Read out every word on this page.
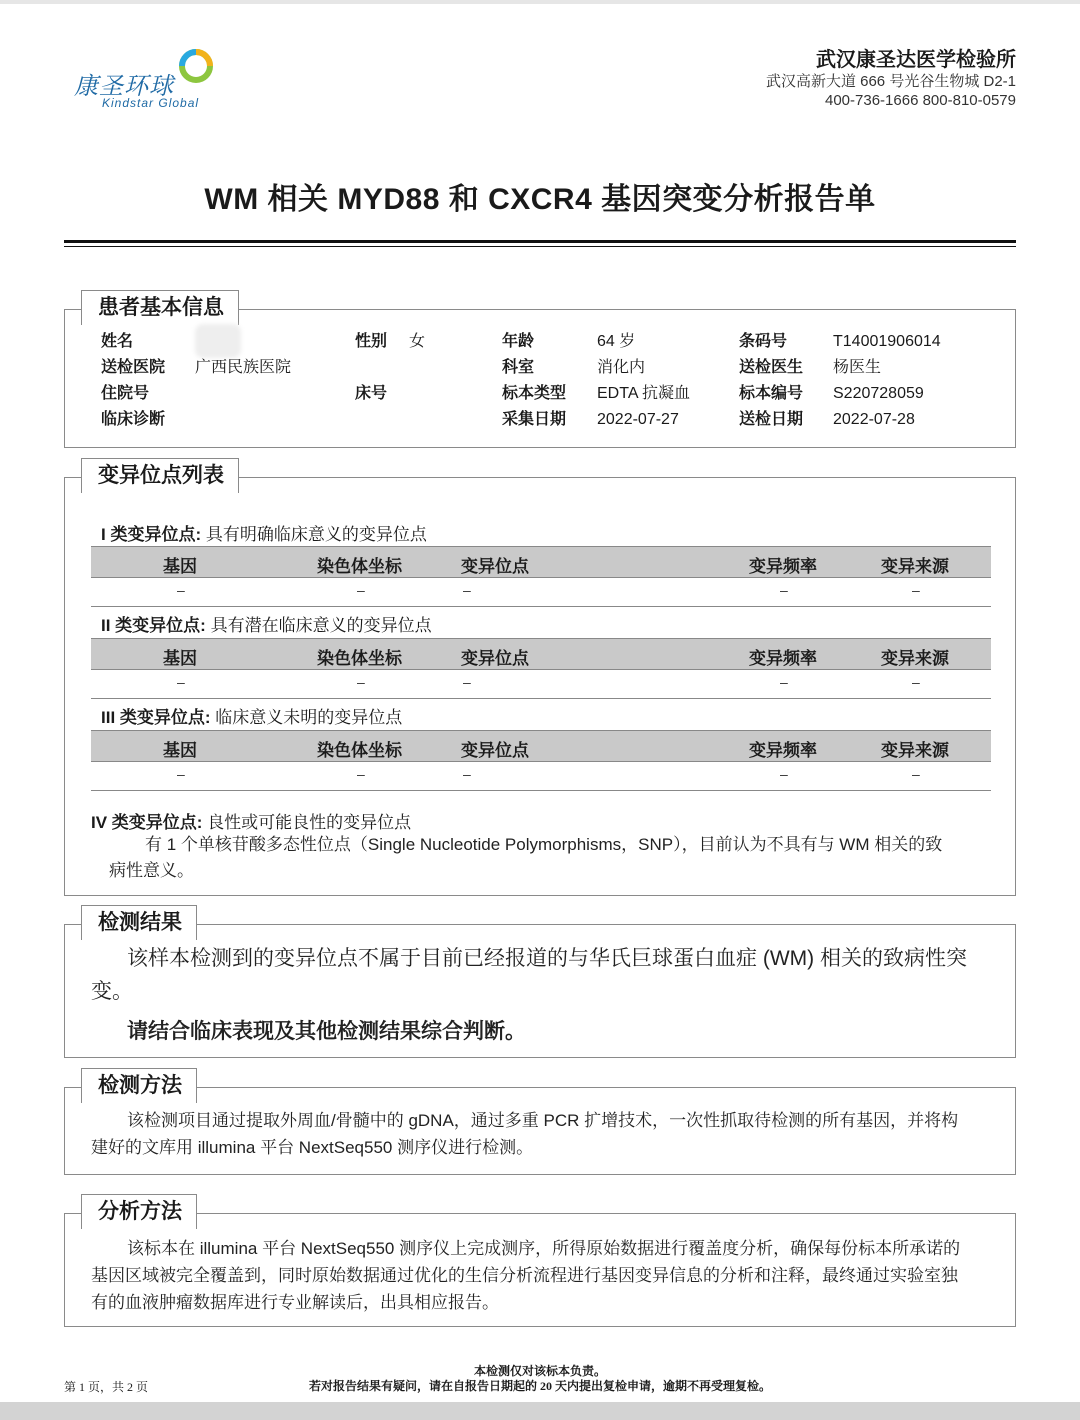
康圣环球
Kindstar Global
武汉康圣达医学检验所
武汉高新大道 666 号光谷生物城 D2-1
400-736-1666 800-810-0579
WM 相关 MYD88 和 CXCR4 基因突变分析报告单
患者基本信息
姓名	性别 女	年龄	64 岁	条码号	T14001906014
送检医院 广西民族医院	科室	消化内	送检医生 杨医生
住院号	床号	标本类型 EDTA 抗凝血	标本编号 S220728059
临床诊断	采集日期 2022-07-27	送检日期 2022-07-28
变异位点列表
I 类变异位点: 具有明确临床意义的变异位点
基因	染色体坐标	变异位点	变异频率	变异来源
–	–	–	–	–
II 类变异位点: 具有潜在临床意义的变异位点
基因	染色体坐标	变异位点	变异频率	变异来源
–	–	–	–	–
III 类变异位点: 临床意义未明的变异位点
基因	染色体坐标	变异位点	变异频率	变异来源
–	–	–	–	–
IV 类变异位点: 良性或可能良性的变异位点
有 1 个单核苷酸多态性位点（Single Nucleotide Polymorphisms，SNP），目前认为不具有与 WM 相关的致
病性意义。
检测结果
该样本检测到的变异位点不属于目前已经报道的与华氏巨球蛋白血症 (WM) 相关的致病性突
变。
请结合临床表现及其他检测结果综合判断。
检测方法
该检测项目通过提取外周血/骨髓中的 gDNA，通过多重 PCR 扩增技术，一次性抓取待检测的所有基因，并将构
建好的文库用 illumina 平台 NextSeq550 测序仪进行检测。
分析方法
该标本在 illumina 平台 NextSeq550 测序仪上完成测序，所得原始数据进行覆盖度分析，确保每份标本所承诺的
基因区域被完全覆盖到，同时原始数据通过优化的生信分析流程进行基因变异信息的分析和注释，最终通过实验室独
有的血液肿瘤数据库进行专业解读后，出具相应报告。
第 1 页，共 2 页
本检测仅对该标本负责。
若对报告结果有疑问，请在自报告日期起的 20 天内提出复检申请，逾期不再受理复检。
